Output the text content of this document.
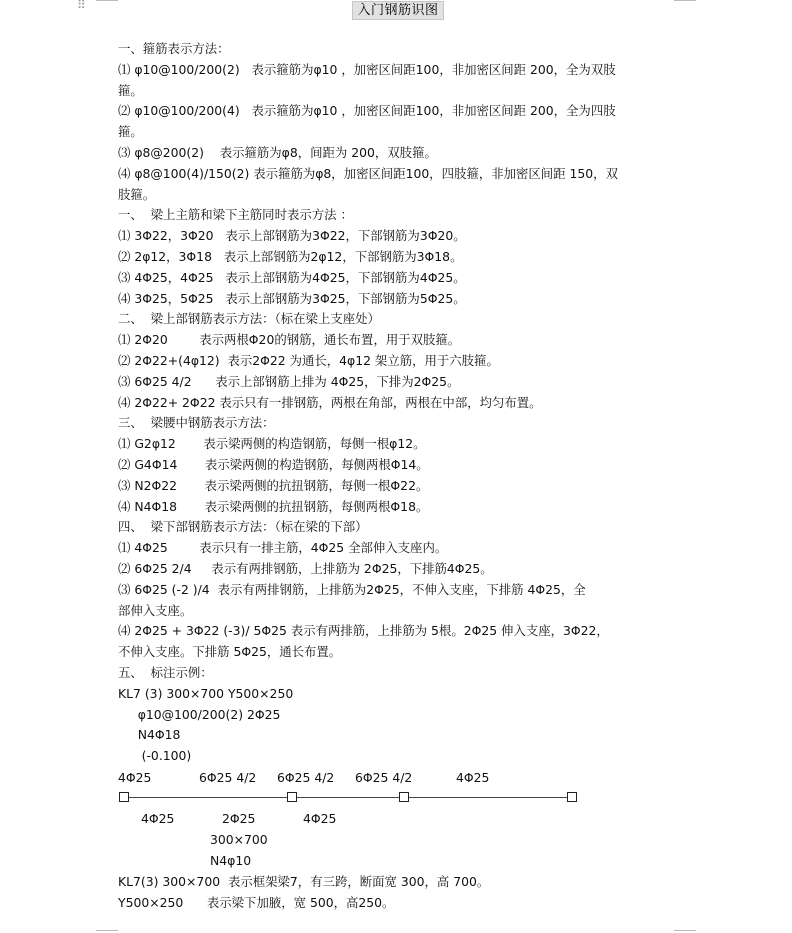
⠿	入门钢筋识图
一、箍筋表示方法：
⑴ φ10@100/200(2)   表示箍筋为φ10 ，加密区间距100，非加密区间距 200，全为双肢
箍。
⑵ φ10@100/200(4)   表示箍筋为φ10 ，加密区间距100，非加密区间距 200，全为四肢
箍。
⑶ φ8@200(2)    表示箍筋为φ8，间距为 200，双肢箍。
⑷ φ8@100(4)/150(2) 表示箍筋为φ8，加密区间距100，四肢箍，非加密区间距 150，双
肢箍。
一、  梁上主筋和梁下主筋同时表示方法 ：
⑴ 3Φ22，3Φ20   表示上部钢筋为3Φ22，下部钢筋为3Φ20。
⑵ 2φ12，3Φ18   表示上部钢筋为2φ12，下部钢筋为3Φ18。
⑶ 4Φ25，4Φ25   表示上部钢筋为4Φ25，下部钢筋为4Φ25。
⑷ 3Φ25，5Φ25   表示上部钢筋为3Φ25，下部钢筋为5Φ25。
二、  梁上部钢筋表示方法：（标在梁上支座处）
⑴ 2Φ20        表示两根Φ20的钢筋，通长布置，用于双肢箍。
⑵ 2Φ22+(4φ12)  表示2Φ22 为通长，4φ12 架立筋，用于六肢箍。
⑶ 6Φ25 4/2      表示上部钢筋上排为 4Φ25，下排为2Φ25。
⑷ 2Φ22+ 2Φ22 表示只有一排钢筋，两根在角部，两根在中部，均匀布置。
三、  梁腰中钢筋表示方法：
⑴ G2φ12       表示梁两侧的构造钢筋，每侧一根φ12。
⑵ G4Φ14       表示梁两侧的构造钢筋，每侧两根Φ14。
⑶ N2Φ22       表示梁两侧的抗扭钢筋，每侧一根Φ22。
⑷ N4Φ18       表示梁两侧的抗扭钢筋，每侧两根Φ18。
四、  梁下部钢筋表示方法：（标在梁的下部）
⑴ 4Φ25        表示只有一排主筋，4Φ25 全部伸入支座内。
⑵ 6Φ25 2/4     表示有两排钢筋，上排筋为 2Φ25，下排筋4Φ25。
⑶ 6Φ25 (-2 )/4  表示有两排钢筋，上排筋为2Φ25，不伸入支座，下排筋 4Φ25，全
部伸入支座。
⑷ 2Φ25 + 3Φ22 (-3)/ 5Φ25 表示有两排筋，上排筋为 5根。2Φ25 伸入支座，3Φ22，
不伸入支座。下排筋 5Φ25，通长布置。
五、  标注示例：
KL7 (3) 300×700 Y500×250
φ10@100/200(2) 2Φ25
N4Φ18
(-0.100)
4Φ25	6Φ25 4/2 6Φ25 4/2 6Φ25 4/2	4Φ25
4Φ25	2Φ25	4Φ25
300×700
N4φ10
KL7(3) 300×700  表示框架梁7，有三跨，断面宽 300，高 700。
Y500×250      表示梁下加腋，宽 500，高250。
